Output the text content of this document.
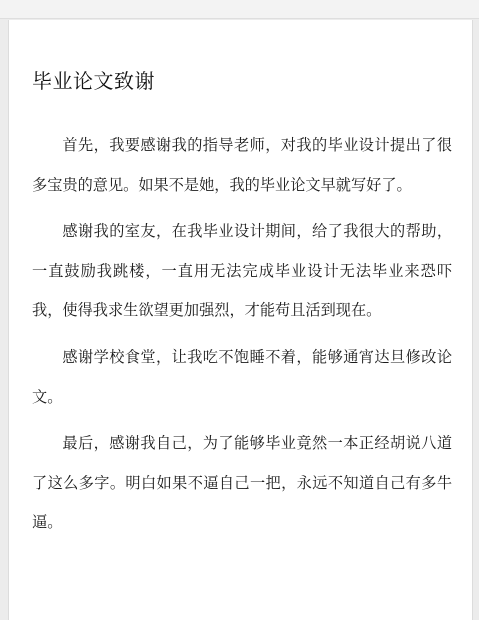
毕业论文致谢

首先，我要感谢我的指导老师，对我的毕业设计提出了很多宝贵的意见。如果不是她，我的毕业论文早就写好了。

感谢我的室友，在我毕业设计期间，给了我很大的帮助，一直鼓励我跳楼，一直用无法完成毕业设计无法毕业来恐吓我，使得我求生欲望更加强烈，才能苟且活到现在。

感谢学校食堂，让我吃不饱睡不着，能够通宵达旦修改论文。

最后，感谢我自己，为了能够毕业竟然一本正经胡说八道了这么多字。明白如果不逼自己一把，永远不知道自己有多牛逼。
